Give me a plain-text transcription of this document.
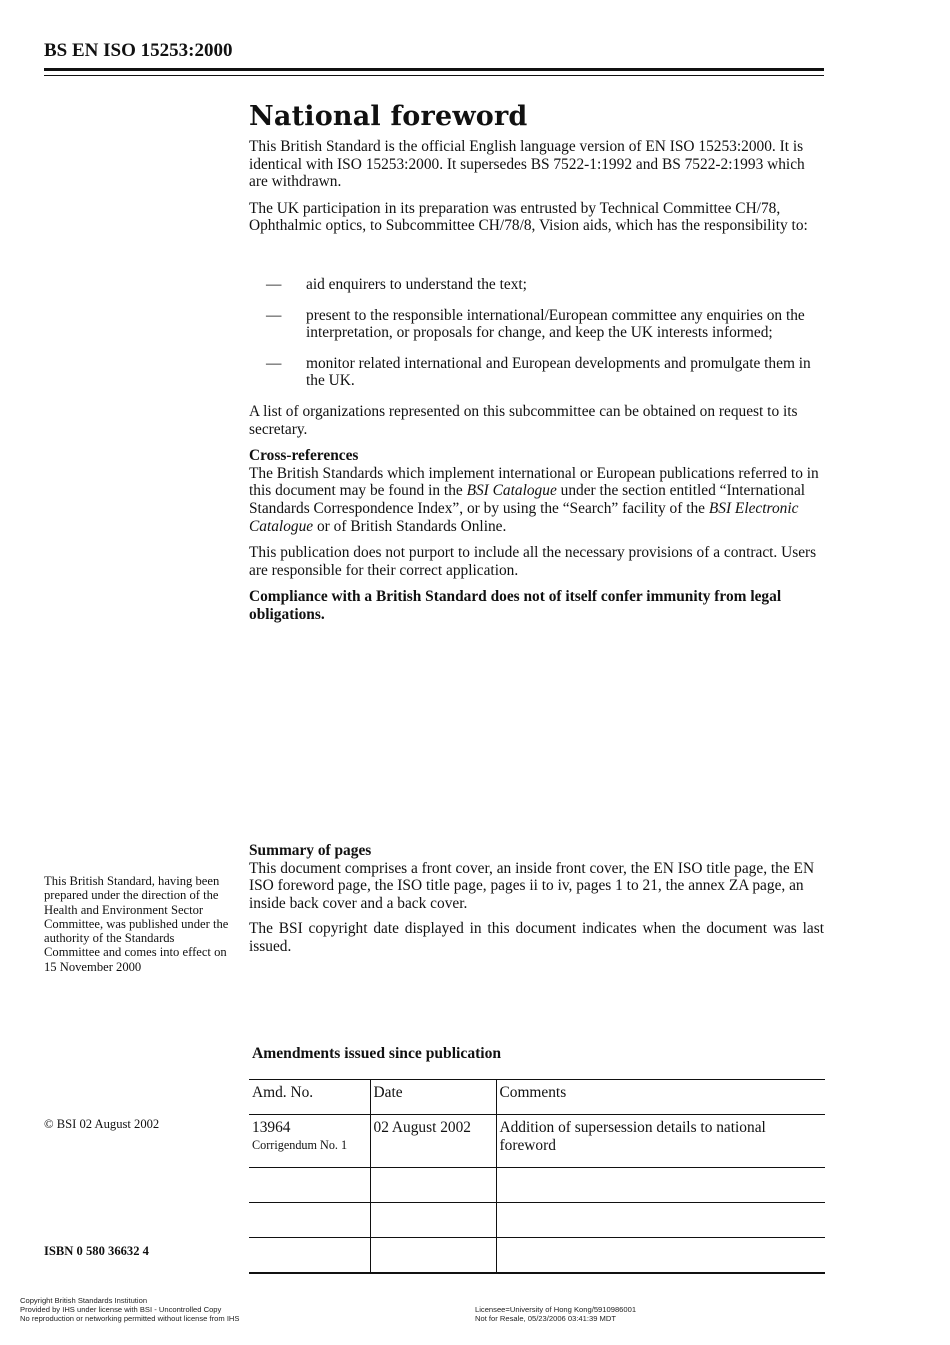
BS EN ISO 15253:2000
National foreword

This British Standard is the official English language version of EN ISO 15253:2000. It is identical with ISO 15253:2000. It supersedes BS 7522-1:1992 and BS 7522-2:1993 which are withdrawn.

The UK participation in its preparation was entrusted by Technical Committee CH/78, Ophthalmic optics, to Subcommittee CH/78/8, Vision aids, which has the responsibility to:

—	aid enquirers to understand the text;
—	present to the responsible international/European committee any enquiries on the interpretation, or proposals for change, and keep the UK interests informed;
—	monitor related international and European developments and promulgate them in the UK.

A list of organizations represented on this subcommittee can be obtained on request to its secretary.

Cross-references

The British Standards which implement international or European publications referred to in this document may be found in the BSI Catalogue under the section entitled “International Standards Correspondence Index”, or by using the “Search” facility of the BSI Electronic Catalogue or of British Standards Online.

This publication does not purport to include all the necessary provisions of a contract. Users are responsible for their correct application.

Compliance with a British Standard does not of itself confer immunity from legal obligations.

Summary of pages

This document comprises a front cover, an inside front cover, the EN ISO title page, the EN ISO foreword page, the ISO title page, pages ii to iv, pages 1 to 21, the annex ZA page, an inside back cover and a back cover.

The BSI copyright date displayed in this document indicates when the document was last issued.

This British Standard, having been prepared under the direction of the Health and Environment Sector Committee, was published under the authority of the Standards Committee and comes into effect on 15 November 2000
© BSI 02 August 2002
ISBN 0 580 36632 4
Amendments issued since publication
Amd. No.	Date	Comments
13964
Corrigendum No. 1	02 August 2002	Addition of supersession details to national foreword

Copyright British Standards Institution
Provided by IHS under license with BSI - Uncontrolled Copy
No reproduction or networking permitted without license from IHS
Licensee=University of Hong Kong/5910986001
Not for Resale, 05/23/2006 03:41:39 MDT
